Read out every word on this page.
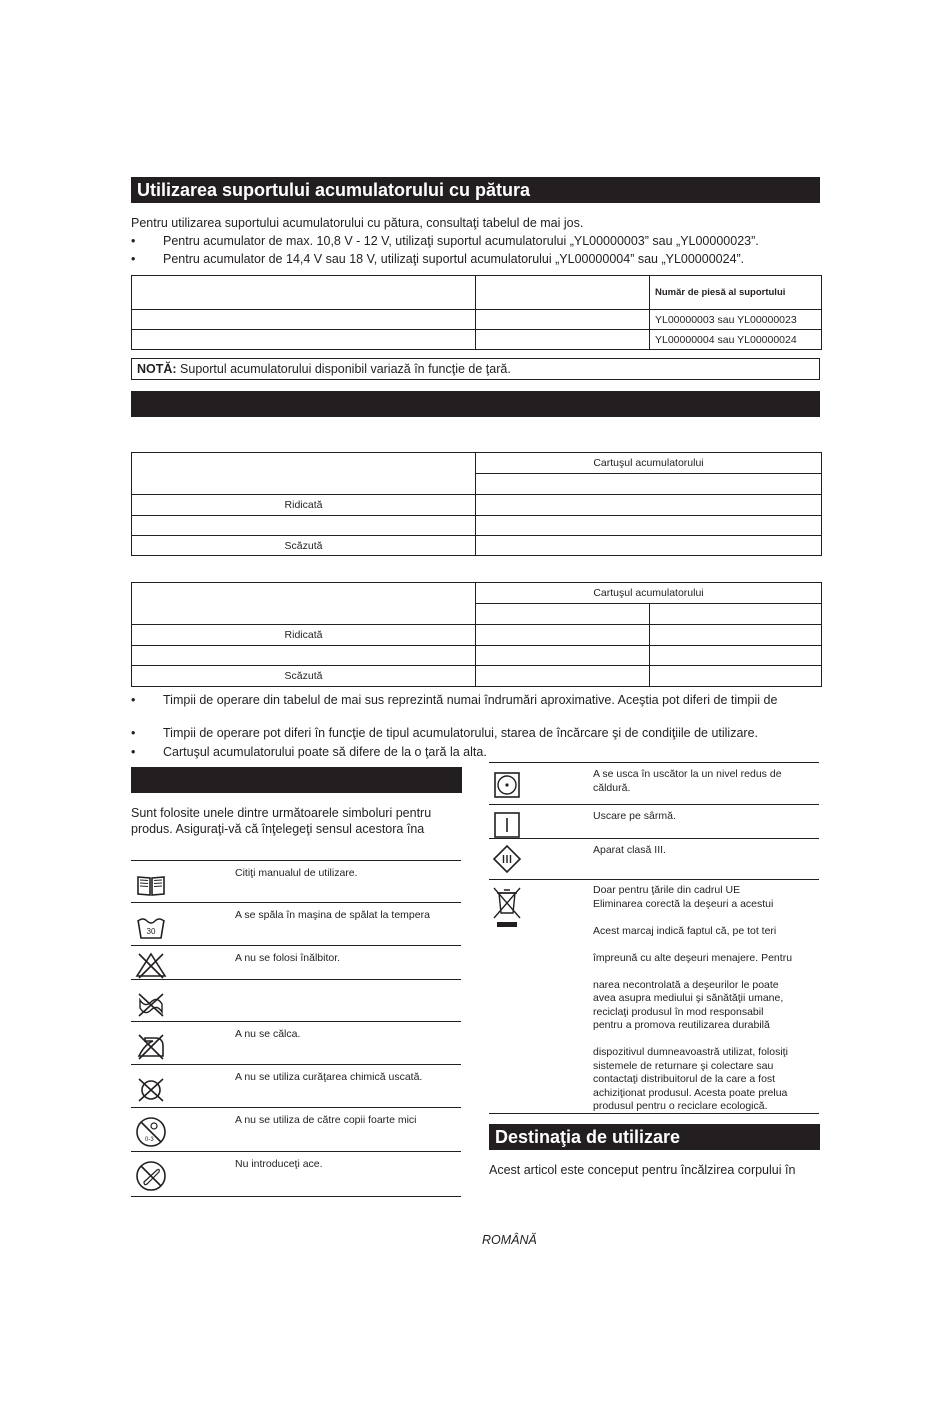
Utilizarea suportului acumulatorului cu pătura
Pentru utilizarea suportului acumulatorului cu pătura, consultaţi tabelul de mai jos.
• Pentru acumulator de max. 10,8 V - 12 V, utilizaţi suportul acumulatorului „YL00000003” sau „YL00000023”.
• Pentru acumulator de 14,4 V sau 18 V, utilizaţi suportul acumulatorului „YL00000004” sau „YL00000024”.
		Număr de piesă al suportului
		YL00000003 sau YL00000023
		YL00000004 sau YL00000024
NOTĂ: Suportul acumulatorului disponibil variază în funcţie de ţară.
	Cartuşul acumulatorului

Ridicată	

Scăzută	
	Cartuşul acumulatorului	

Ridicată		

Scăzută		
• Timpii de operare din tabelul de mai sus reprezintă numai îndrumări aproximative. Aceştia pot diferi de timpii de
• Timpii de operare pot diferi în funcţie de tipul acumulatorului, starea de încărcare şi de condiţiile de utilizare.
• Cartuşul acumulatorului poate să difere de la o ţară la alta.
Sunt folosite unele dintre următoarele simboluri pentru
produs. Asiguraţi-vă că înţelegeţi sensul acestora îna
Citiţi manualul de utilizare.
30
A se spăla în maşina de spălat la tempera
A nu se folosi înălbitor.
A nu se călca.
A nu se utiliza curăţarea chimică uscată.
0-3
A nu se utiliza de către copii foarte mici
Nu introduceţi ace.
A se usca în uscător la un nivel redus de
căldură.
Uscare pe sârmă.
Aparat clasă III.
Doar pentru ţările din cadrul UE
Eliminarea corectă la deşeuri a acestui
Acest marcaj indică faptul că, pe tot teri
împreună cu alte deşeuri menajere. Pentru
narea necontrolată a deşeurilor le poate
avea asupra mediului şi sănătăţii umane,
reciclaţi produsul în mod responsabil
pentru a promova reutilizarea durabilă
dispozitivul dumneavoastră utilizat, folosiţi
sistemele de returnare şi colectare sau
contactaţi distribuitorul de la care a fost
achiziţionat produsul. Acesta poate prelua
produsul pentru o reciclare ecologică.
Destinaţia de utilizare
Acest articol este conceput pentru încălzirea corpului în
ROMÂNĂ
